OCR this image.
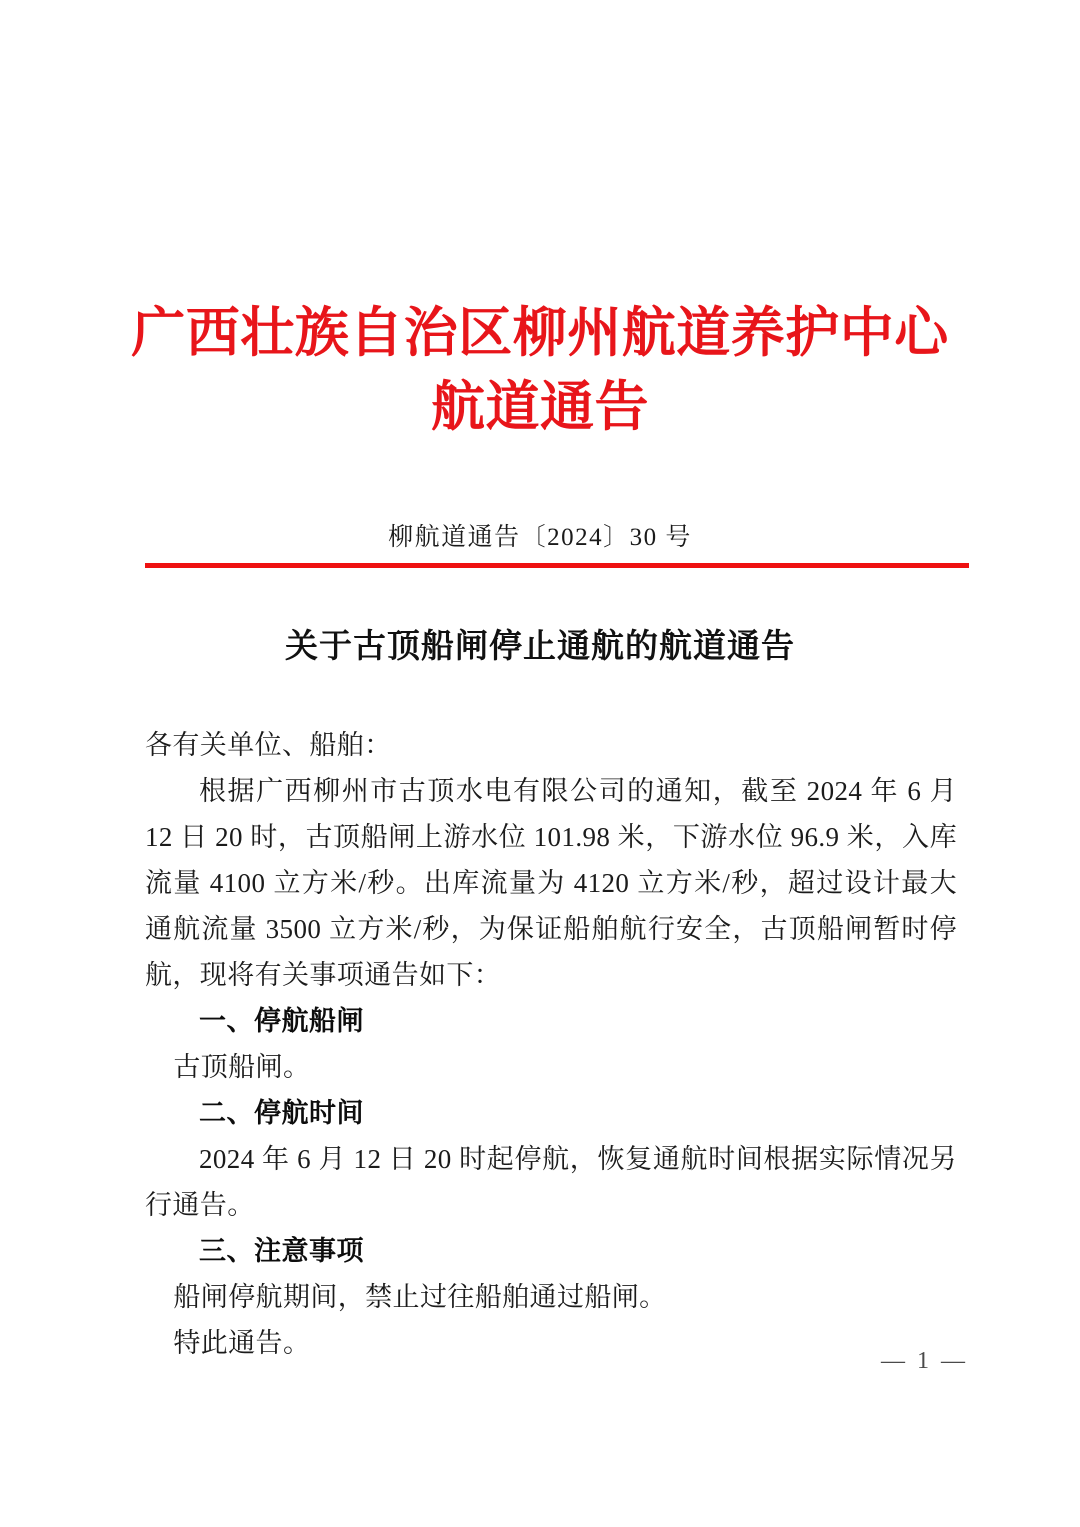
广西壮族自治区柳州航道养护中心
航道通告
柳航道通告〔2024〕30 号
关于古顶船闸停止通航的航道通告

各有关单位、船舶：

根据广西柳州市古顶水电有限公司的通知，截至 2024 年 6 月 12 日 20 时，古顶船闸上游水位 101.98 米，下游水位 96.9 米，入库流量 4100 立方米/秒。出库流量为 4120 立方米/秒，超过设计最大通航流量 3500 立方米/秒，为保证船舶航行安全，古顶船闸暂时停航，现将有关事项通告如下：

一、停航船闸

古顶船闸。

二、停航时间

2024 年 6 月 12 日 20 时起停航，恢复通航时间根据实际情况另行通告。

三、注意事项

船闸停航期间，禁止过往船舶通过船闸。

特此通告。

— 1 —
